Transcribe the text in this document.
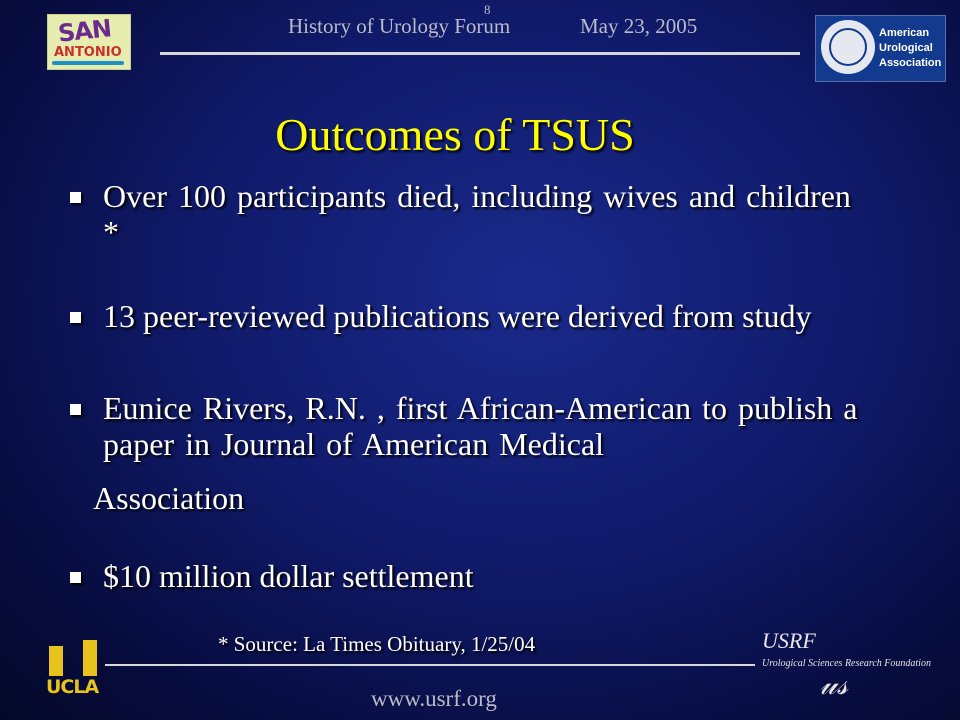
SAN
ANTONIO
8
History of Urology Forum	May 23, 2005	American
Urological
Association
Outcomes of TSUS
Over 100 participants died, including wives and children *
13 peer-reviewed publications were derived from study
Eunice Rivers, R.N. , first African-American to publish a paper in Journal of American Medical
Association
$10 million dollar settlement
UCLA
* Source: La Times Obituary, 1/25/04
www.usrf.org
USRF
Urological Sciences Research Foundation
𝓊𝓈
